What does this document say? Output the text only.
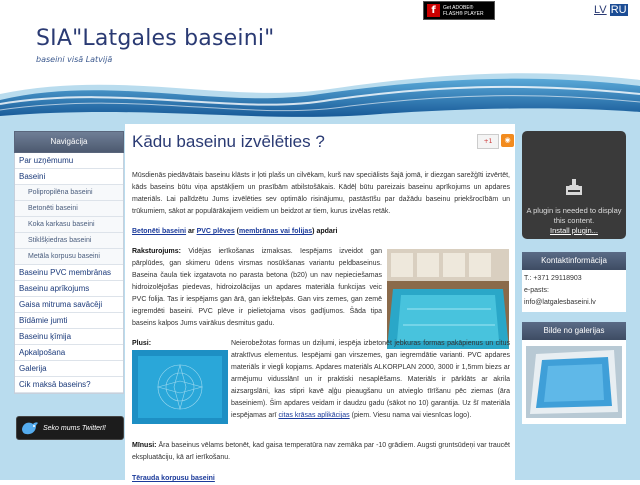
SIA"Latgales baseini"
baseini visā Latvijā
f	Get ADOBE®
FLASH® PLAYER	LV RU
Navigācija
Par uzņēmumu
Baseini
Polipropilēna baseini
Betonēti baseini
Koka karkasu baseini
Stiklšķiedras baseini
Metāla korpusu baseini
Baseinu PVC membrānas
Baseinu aprīkojums
Gaisa mitruma savācēji
Bīdāmie jumti
Baseinu ķīmija
Apkalpošana
Galerija
Cik maksā baseins?
Seko mums Twitterī!
Kādu baseinu izvēlēties ?	+1	◉
Mūsdienās piedāvātais baseinu klāsts ir ļoti plašs un cilvēkam, kurš nav speciālists šajā jomā, ir diezgan sarežģīti izvērtēt, kāds baseins būtu viņa apstākļiem un prasībām atbilstošākais. Kādēļ būtu pareizais baseinu aprīkojums un apdares materiāls. Lai palīdzētu Jums izvēlēties sev optimālo risinājumu, pastāstīšu par dažādu baseinu priekšrocībām un trūkumiem, sākot ar populārākajiem veidiem un beidzot ar tiem, kurus izvēlas retāk.
Betonēti baseini ar PVC plēves (membrānas vai folijas) apdari
Raksturojums: Vidējas ierīkošanas izmaksas. Iespējams izveidot gan pārplūdes, gan skimeru ūdens virsmas nosūkšanas variantu peldbaseinus. Baseina čaula tiek izgatavota no parasta betona (b20) un nav nepieciešamas hidroizolējošas piedevas, hidroizolācijas un apdares materiāla funkcijas veic PVC folija. Tas ir iespējams gan ārā, gan iekštelpās. Gan virs zemes, gan zemē iegremdēti baseini. PVC plēve ir pielietojama visos gadījumos. Šāda tipa baseins kalpos Jums vairākus desmitus gadu.
Plusi:	Neierobežotas formas un dziļumi, iespēja izbetonēt jebkuras formas pakāpienus un citus atraktīvus elementus. Iespējami gan virszemes, gan iegremdātie varianti. PVC apdares materiāls ir viegli kopjams. Apdares materiāls ALKORPLAN 2000, 3000 ir 1,5mm biezs ar armējumu vidusslānī un ir praktiski nesaplēšams. Materiāls ir pārklāts ar akrila aizsargslāni, kas stipri kavē aļģu pieaugšanu un atvieglo tīrīšanu pēc ziemas (āra baseiniem). Šim apdares veidam ir daudzu gadu (sākot no 10) garantija. Uz šī materiāla iespējamas arī citas krāsas aplikācijas (piem. Viesu nama vai viesnīcas logo).
Mīnusi: Āra baseinus vēlams betonēt, kad gaisa temperatūra nav zemāka par -10 grādiem. Augsti gruntsūdeņi var traucēt ekspluatāciju, kā arī ierīkošanu.
Tērauda korpusu baseini
A plugin is needed to display this content.
Install plugin...
Kontaktinformācija
T.: +371 29118903
e-pasts:
info@latgalesbaseini.lv
Bilde no galerijas
